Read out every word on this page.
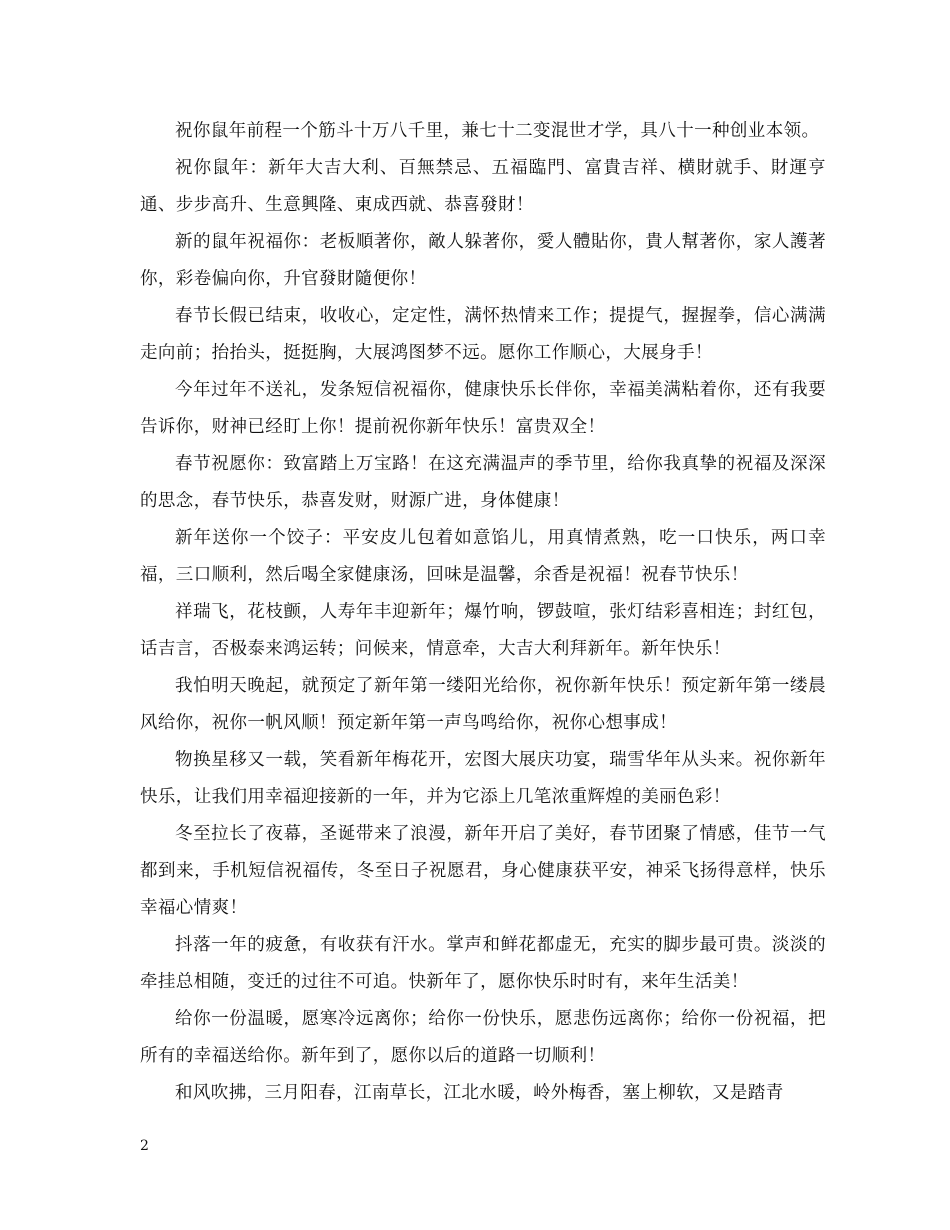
祝你鼠年前程一个筋斗十万八千里，兼七十二变混世才学，具八十一种创业本领。

祝你鼠年：新年大吉大利、百無禁忌、五福臨門、富貴吉祥、横財就手、財運亨通、步步高升、生意興隆、東成西就、恭喜發財！

新的鼠年祝福你：老板順著你，敵人躲著你，愛人體貼你，貴人幫著你，家人護著你，彩卷偏向你，升官發財隨便你！

春节长假已结束，收收心，定定性，满怀热情来工作；提提气，握握拳，信心满满走向前；抬抬头，挺挺胸，大展鸿图梦不远。愿你工作顺心，大展身手！

今年过年不送礼，发条短信祝福你，健康快乐长伴你，幸福美满粘着你，还有我要告诉你，财神已经盯上你！提前祝你新年快乐！富贵双全！

春节祝愿你：致富踏上万宝路！在这充满温声的季节里，给你我真挚的祝福及深深的思念，春节快乐，恭喜发财，财源广进，身体健康！

新年送你一个饺子：平安皮儿包着如意馅儿，用真情煮熟，吃一口快乐，两口幸福，三口顺利，然后喝全家健康汤，回味是温馨，余香是祝福！祝春节快乐！

祥瑞飞，花枝颤，人寿年丰迎新年；爆竹响，锣鼓喧，张灯结彩喜相连；封红包，话吉言，否极泰来鸿运转；问候来，情意牵，大吉大利拜新年。新年快乐！

我怕明天晚起，就预定了新年第一缕阳光给你，祝你新年快乐！预定新年第一缕晨风给你，祝你一帆风顺！预定新年第一声鸟鸣给你，祝你心想事成！

物换星移又一载，笑看新年梅花开，宏图大展庆功宴，瑞雪华年从头来。祝你新年快乐，让我们用幸福迎接新的一年，并为它添上几笔浓重辉煌的美丽色彩！

冬至拉长了夜幕，圣诞带来了浪漫，新年开启了美好，春节团聚了情感，佳节一气都到来，手机短信祝福传，冬至日子祝愿君，身心健康获平安，神采飞扬得意样，快乐幸福心情爽！

抖落一年的疲惫，有收获有汗水。掌声和鲜花都虚无，充实的脚步最可贵。淡淡的牵挂总相随，变迁的过往不可追。快新年了，愿你快乐时时有，来年生活美！

给你一份温暖，愿寒冷远离你；给你一份快乐，愿悲伤远离你；给你一份祝福，把所有的幸福送给你。新年到了，愿你以后的道路一切顺利！

和风吹拂，三月阳春，江南草长，江北水暖，岭外梅香，塞上柳软，又是踏青

2
